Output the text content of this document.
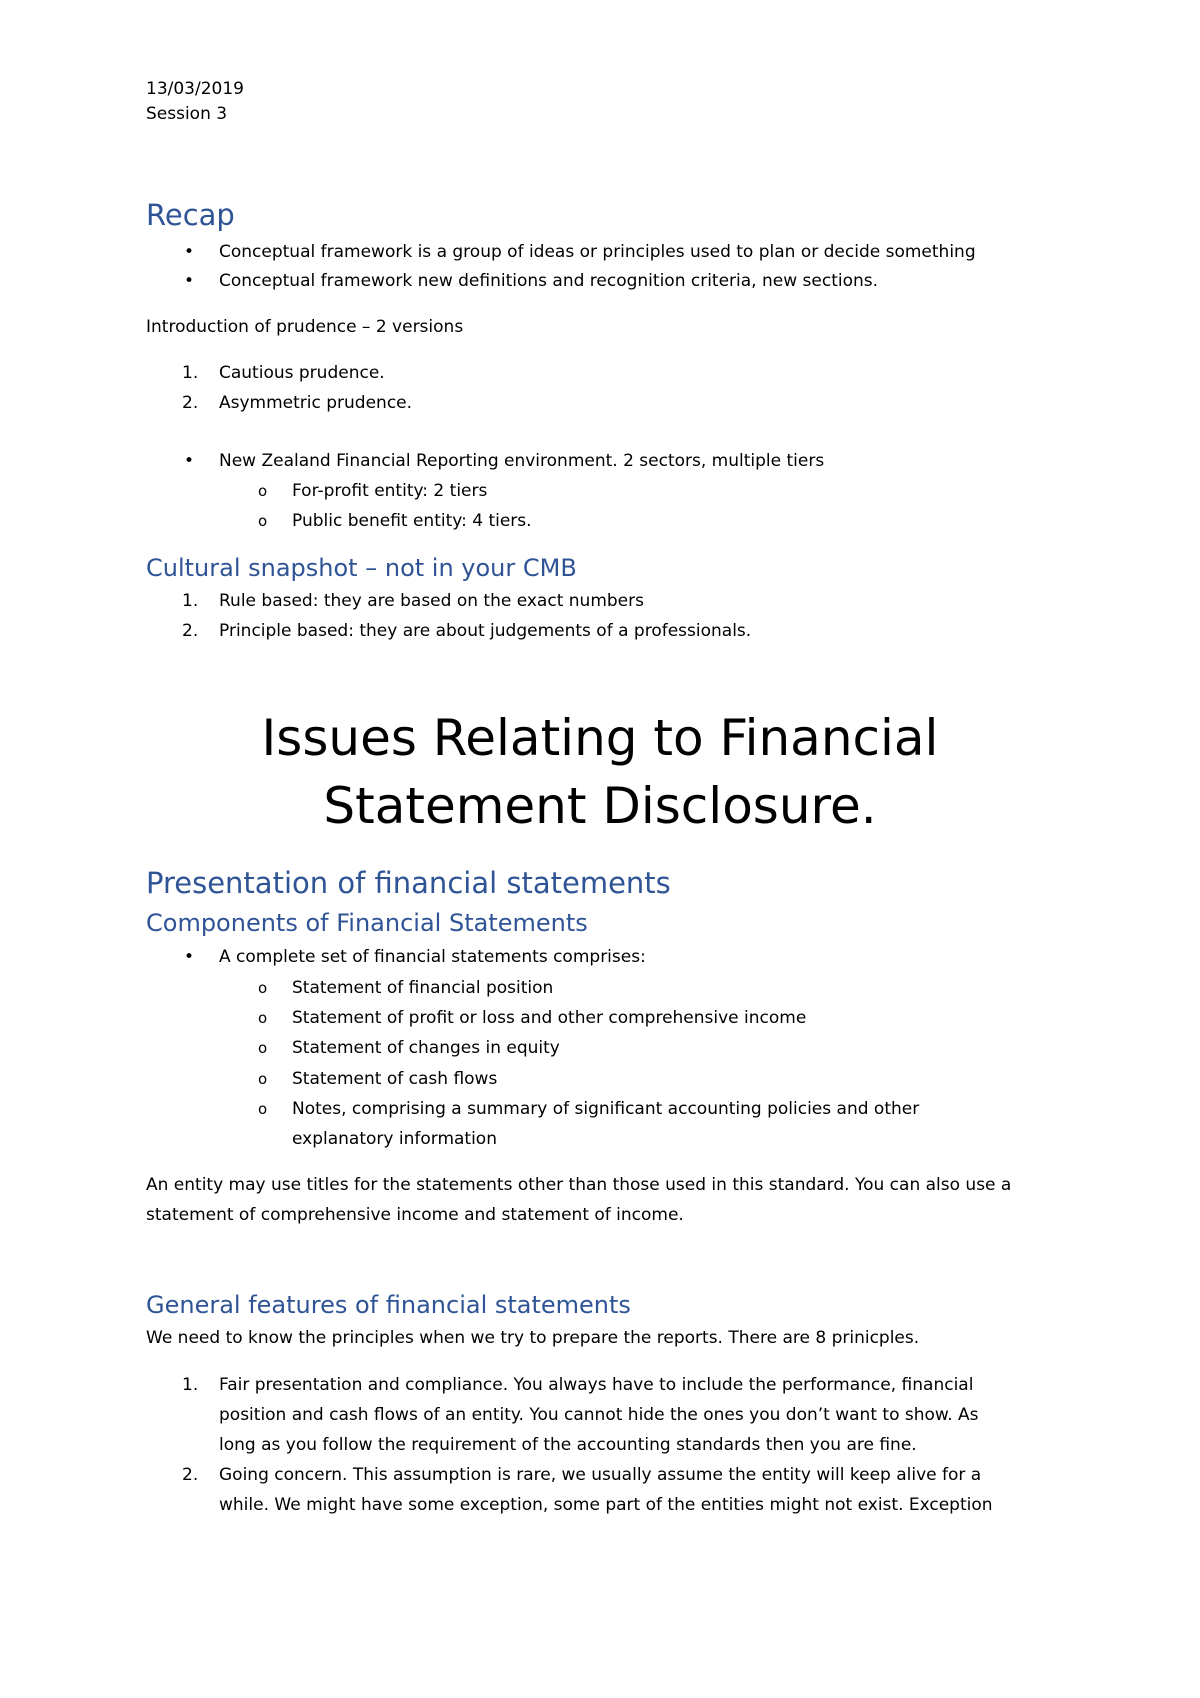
13/03/2019
Session 3
Recap
• Conceptual framework is a group of ideas or principles used to plan or decide something
• Conceptual framework new definitions and recognition criteria, new sections.
Introduction of prudence – 2 versions
1. Cautious prudence.
2. Asymmetric prudence.
• New Zealand Financial Reporting environment. 2 sectors, multiple tiers
o For-profit entity: 2 tiers
o Public benefit entity: 4 tiers.
Cultural snapshot – not in your CMB
1. Rule based: they are based on the exact numbers
2. Principle based: they are about judgements of a professionals.
Issues Relating to Financial
Statement Disclosure.
Presentation of financial statements
Components of Financial Statements
• A complete set of financial statements comprises:
o Statement of financial position
o Statement of profit or loss and other comprehensive income
o Statement of changes in equity
o Statement of cash flows
o Notes, comprising a summary of significant accounting policies and other
explanatory information
An entity may use titles for the statements other than those used in this standard. You can also use a
statement of comprehensive income and statement of income.
General features of financial statements
We need to know the principles when we try to prepare the reports. There are 8 prinicples.
1. Fair presentation and compliance. You always have to include the performance, financial
position and cash flows of an entity. You cannot hide the ones you don’t want to show. As
long as you follow the requirement of the accounting standards then you are fine.
2. Going concern. This assumption is rare, we usually assume the entity will keep alive for a
while. We might have some exception, some part of the entities might not exist. Exception
